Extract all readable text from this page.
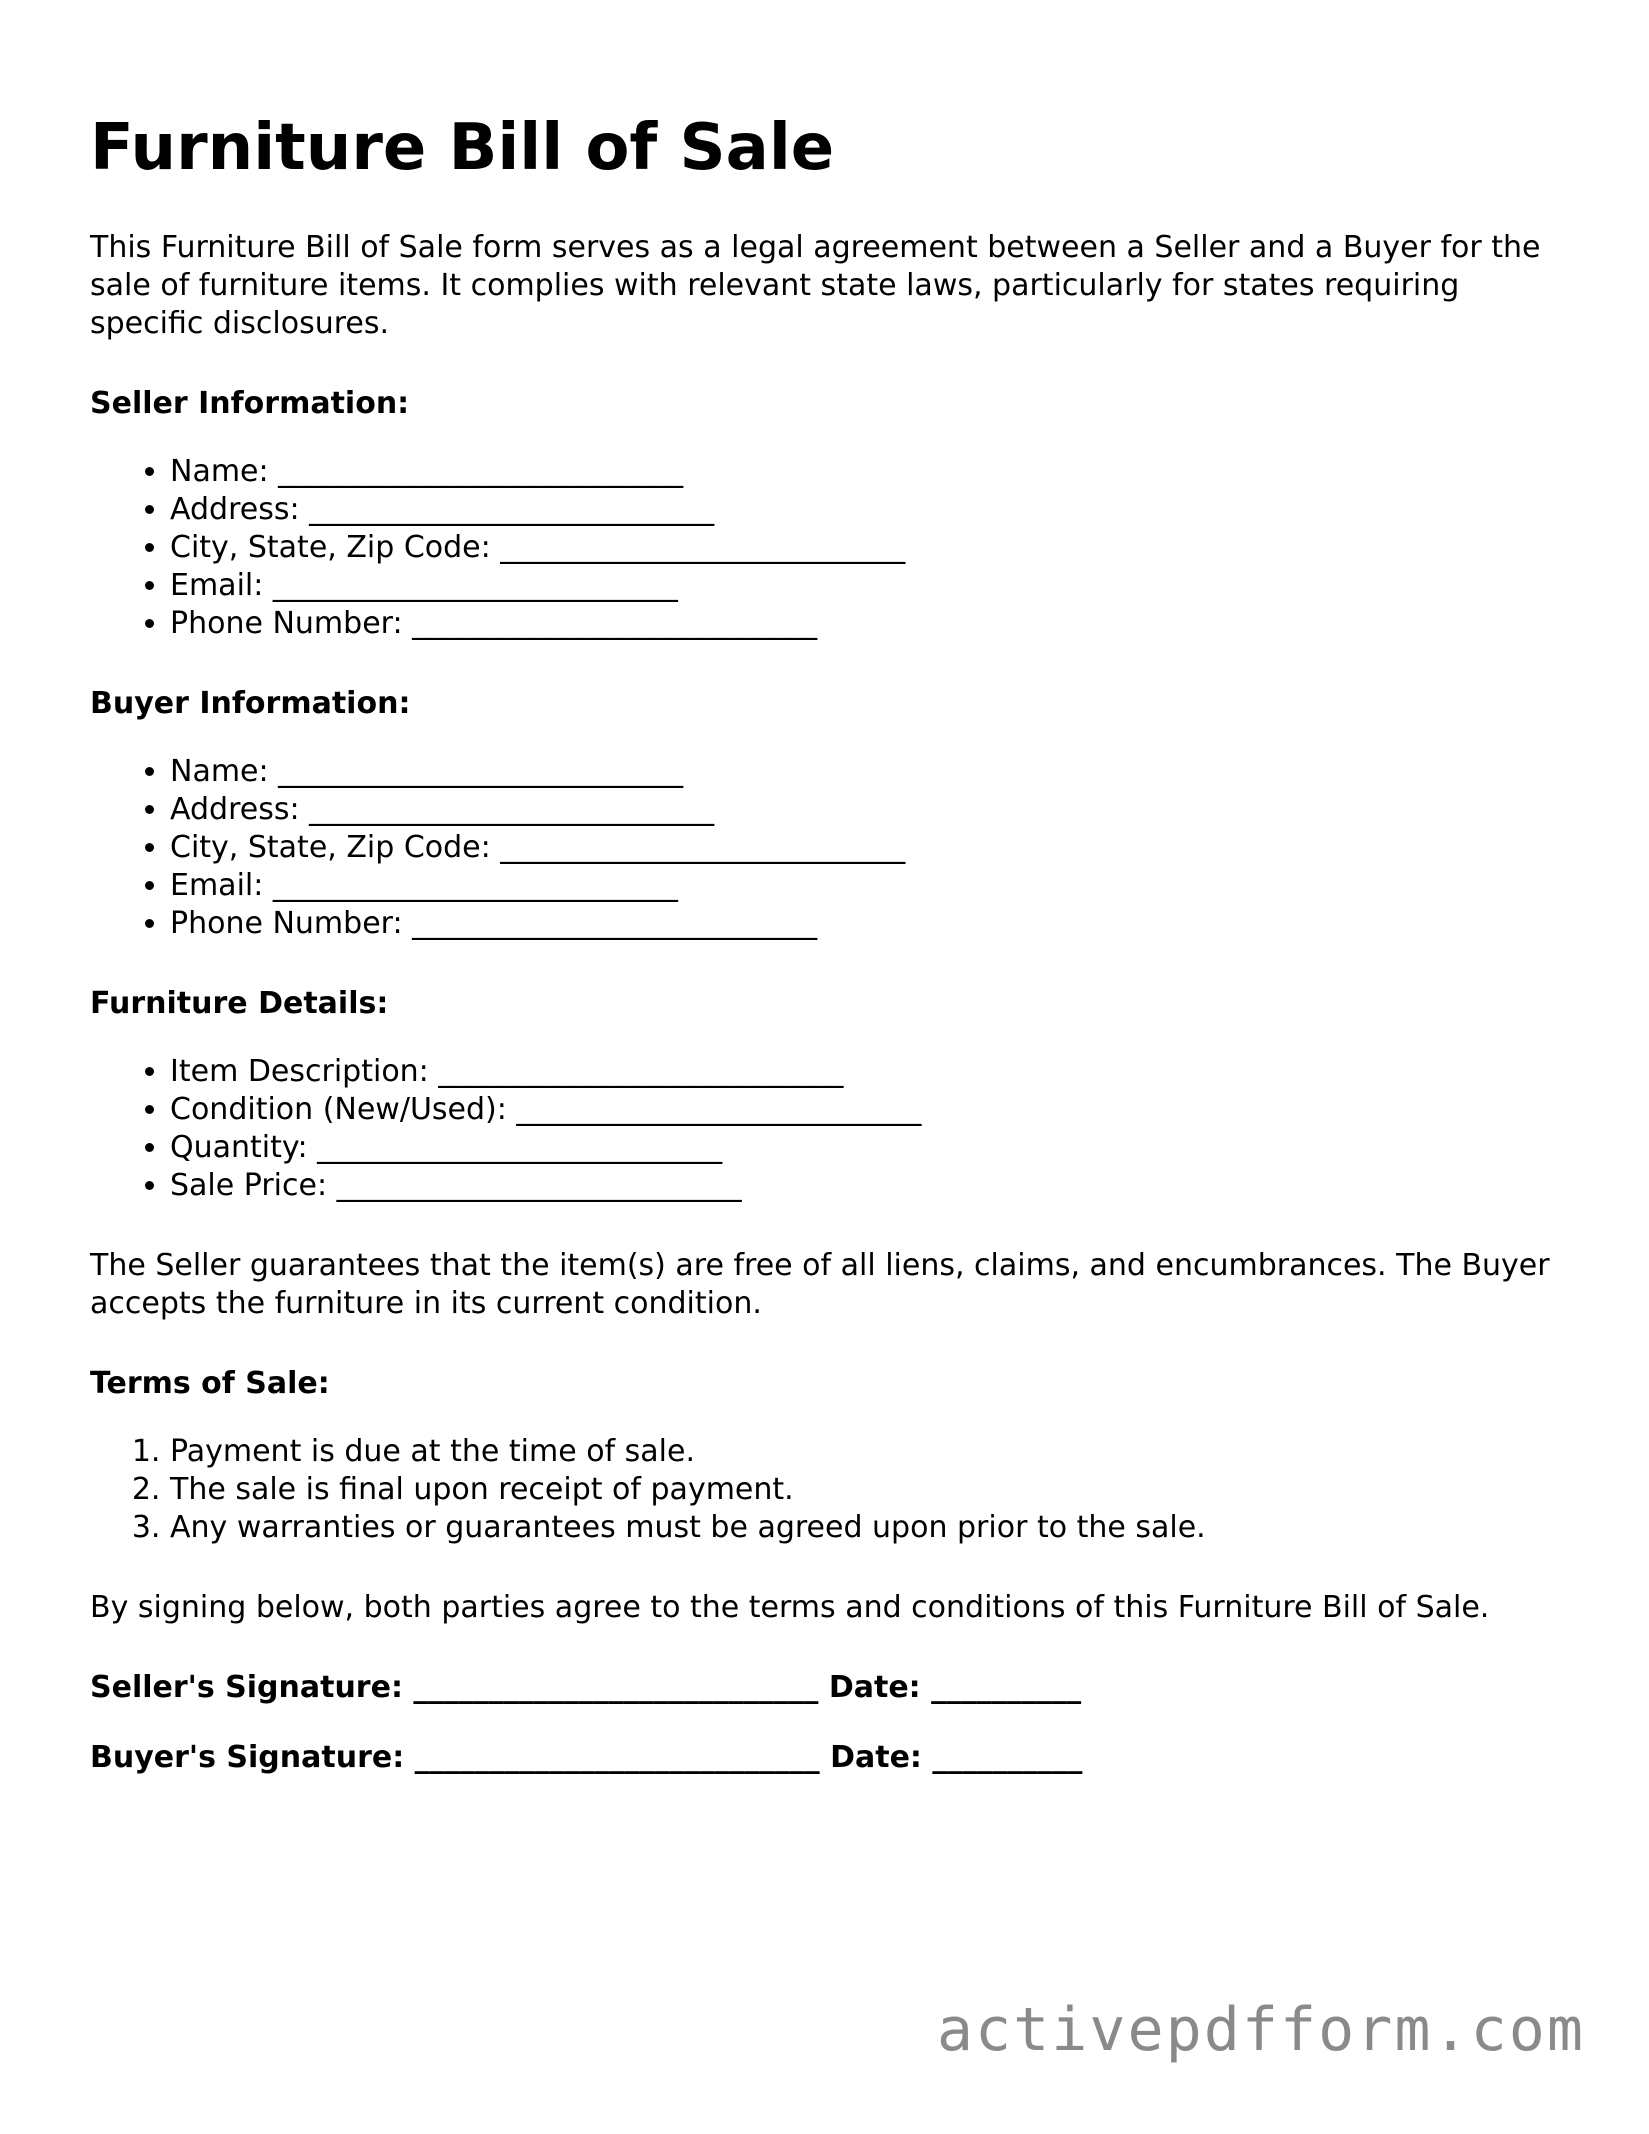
Furniture Bill of Sale

This Furniture Bill of Sale form serves as a legal agreement between a Seller and a Buyer for the sale of furniture items. It complies with relevant state laws, particularly for states requiring specific disclosures.

Seller Information:
• Name: ___________________________
• Address: ___________________________
• City, State, Zip Code: ___________________________
• Email: ___________________________
• Phone Number: ___________________________
Buyer Information:
• Name: ___________________________
• Address: ___________________________
• City, State, Zip Code: ___________________________
• Email: ___________________________
• Phone Number: ___________________________
Furniture Details:
• Item Description: ___________________________
• Condition (New/Used): ___________________________
• Quantity: ___________________________
• Sale Price: ___________________________

The Seller guarantees that the item(s) are free of all liens, claims, and encumbrances. The Buyer accepts the furniture in its current condition.

Terms of Sale:
1. Payment is due at the time of sale.
2. The sale is final upon receipt of payment.
3. Any warranties or guarantees must be agreed upon prior to the sale.

By signing below, both parties agree to the terms and conditions of this Furniture Bill of Sale.

Seller's Signature: ___________________________ Date: __________
Buyer's Signature: ___________________________ Date: __________
activepdfform.com
